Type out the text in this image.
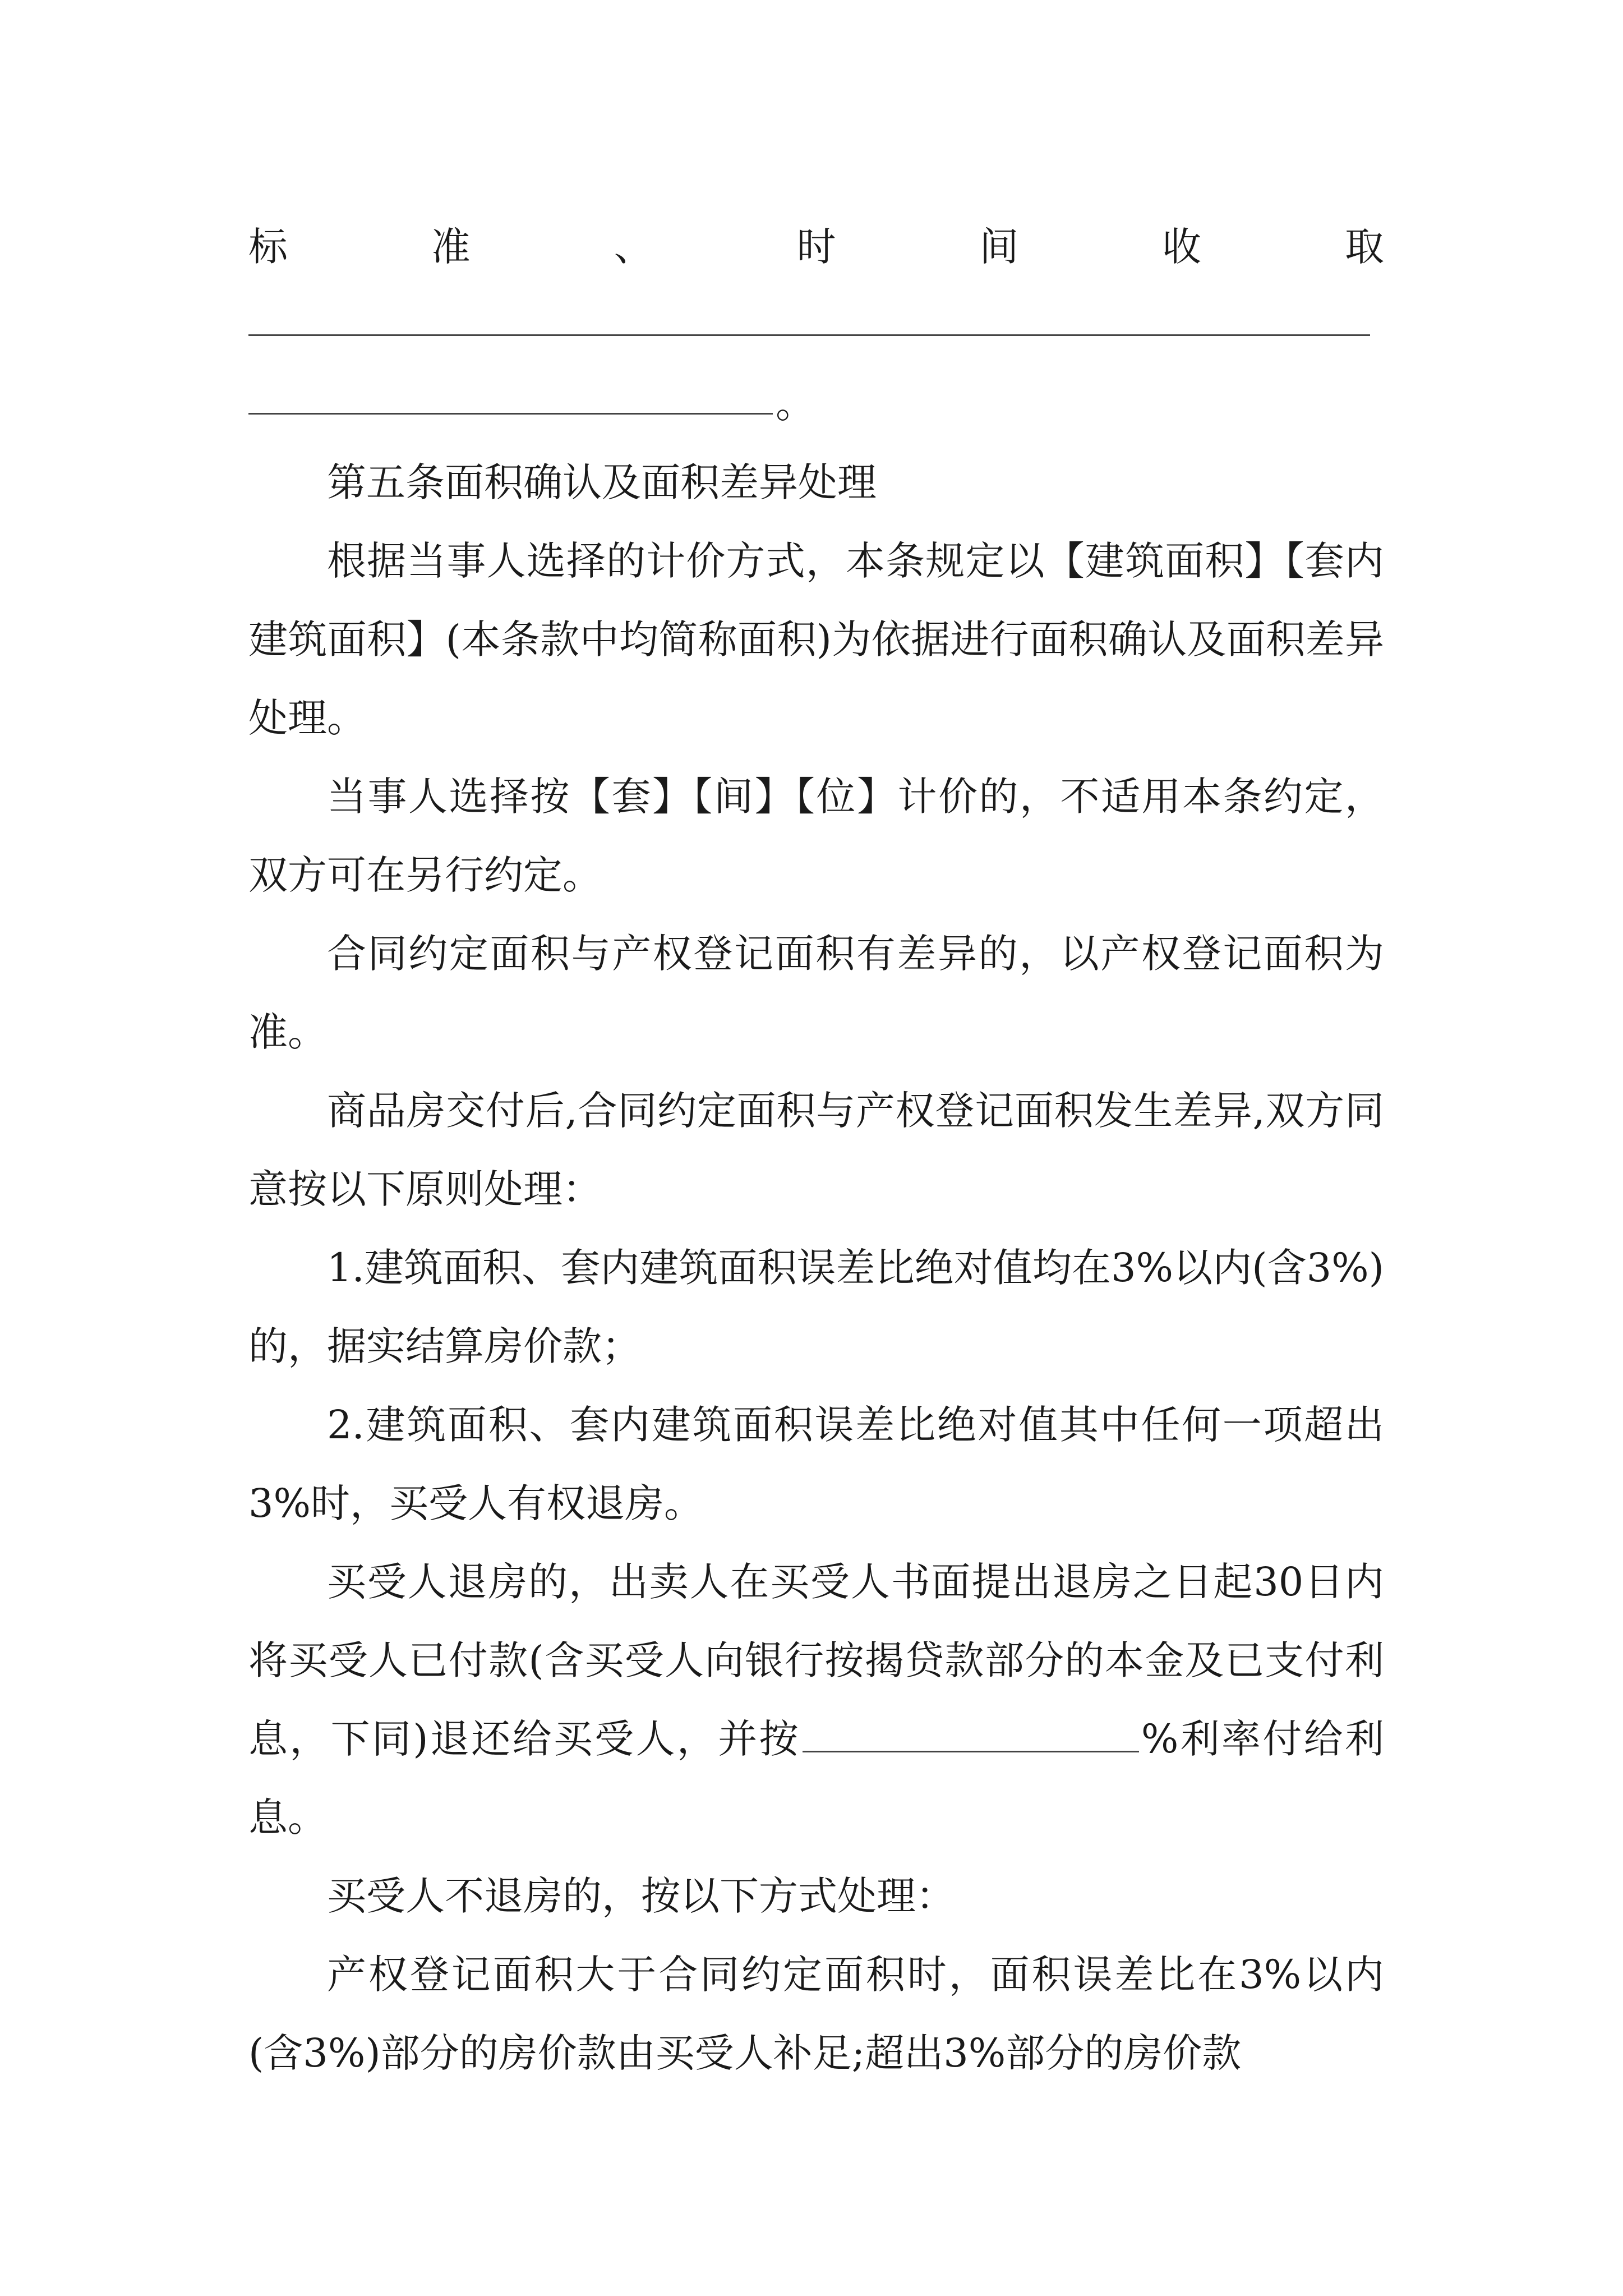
标	准	、	时	间	收	取
。

第五条面积确认及面积差异处理

根据当事人选择的计价方式，本条规定以【建筑面积】【套内建筑面积】(本条款中均简称面积)为依据进行面积确认及面积差异处理。

当事人选择按【套】【间】【位】计价的，不适用本条约定，双方可在另行约定。

合同约定面积与产权登记面积有差异的，以产权登记面积为准。

商品房交付后,合同约定面积与产权登记面积发生差异,双方同意按以下原则处理：

1.建筑面积、套内建筑面积误差比绝对值均在3%以内(含3%)的，据实结算房价款；

2.建筑面积、套内建筑面积误差比绝对值其中任何一项超出3%时，买受人有权退房。

买受人退房的，出卖人在买受人书面提出退房之日起30日内将买受人已付款(含买受人向银行按揭贷款部分的本金及已支付利息，下同)退还给买受人，并按	%利率付给利息。

买受人不退房的，按以下方式处理：

产权登记面积大于合同约定面积时，面积误差比在3%以内(含3%)部分的房价款由买受人补足;超出3%部分的房价款
